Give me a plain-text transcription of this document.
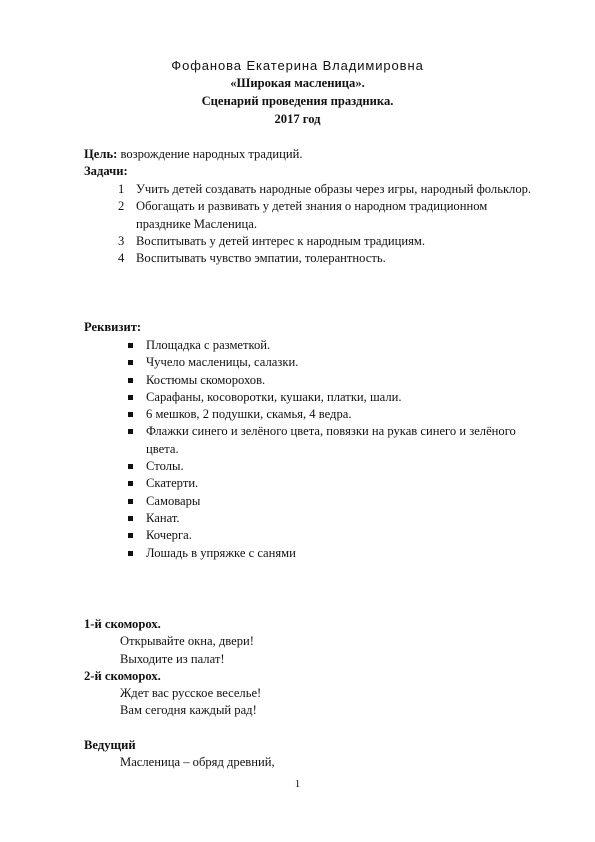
Фофанова Екатерина Владимировна

«Широкая масленица».

Сценарий проведения праздника.

2017 год

Цель: возрождение народных традиций.

Задачи:

1 Учить детей создавать народные образы через игры, народный фольклор.
2 Обогащать и развивать у детей знания о народном традиционном празднике Масленица.
3 Воспитывать у детей интерес к народным традициям.
4 Воспитывать чувство эмпатии, толерантность.

Реквизит:

Площадка с разметкой.
Чучело масленицы, салазки.
Костюмы скоморохов.
Сарафаны, косоворотки, кушаки, платки, шали.
6 мешков, 2 подушки, скамья, 4 ведра.
Флажки синего и зелёного цвета, повязки на рукав синего и зелёного цвета.
Столы.
Скатерти.
Самовары
Канат.
Кочерга.
Лошадь в упряжке с санями

1-й скоморох.

Открывайте окна, двери!

Выходите из палат!

2-й скоморох.

Ждет вас русское веселье!

Вам сегодня каждый рад!

Ведущий

Масленица – обряд древний,

1
